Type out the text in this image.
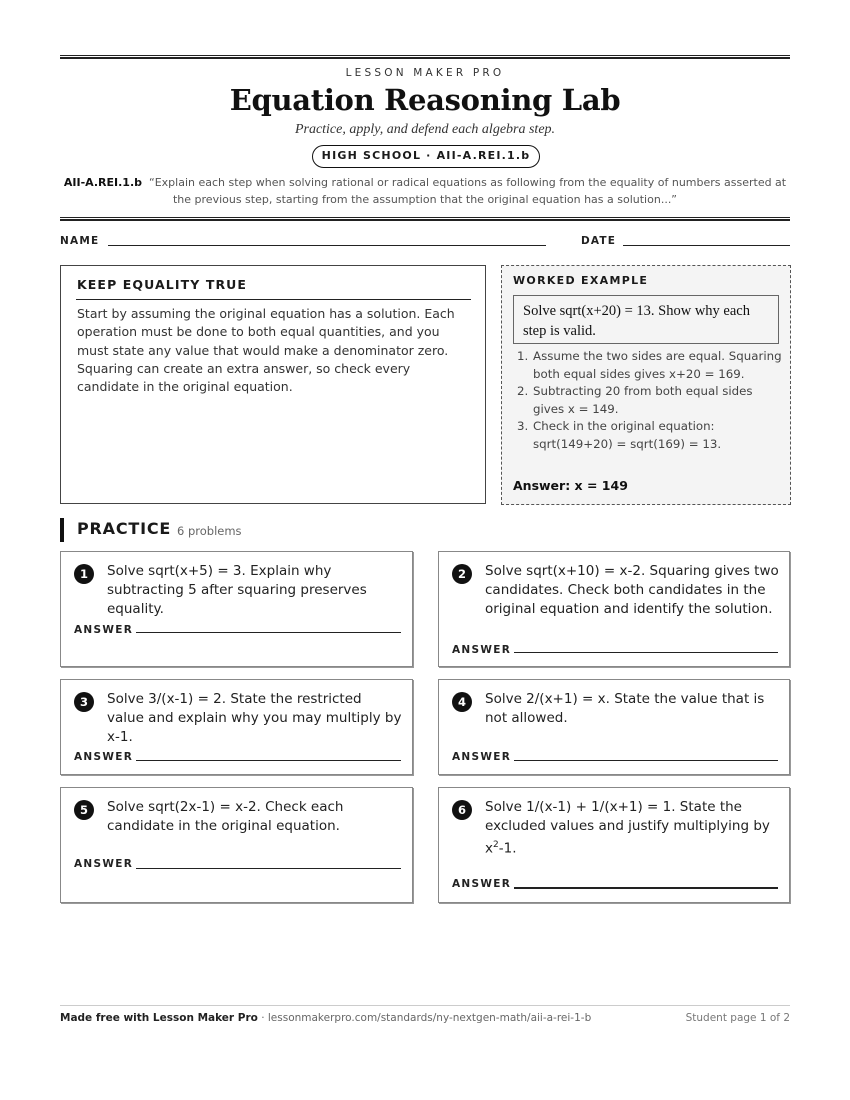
LESSON MAKER PRO
Equation Reasoning Lab
Practice, apply, and defend each algebra step.
HIGH SCHOOL · AII-A.REI.1.b
AII-A.REI.1.b “Explain each step when solving rational or radical equations as following from the equality of numbers asserted at the previous step, starting from the assumption that the original equation has a solution...”
NAME	DATE
KEEP EQUALITY TRUE

Start by assuming the original equation has a solution. Each operation must be done to both equal quantities, and you must state any value that would make a denominator zero. Squaring can create an extra answer, so check every candidate in the original equation.

WORKED EXAMPLE
Solve sqrt(x+20) = 13. Show why each step is valid.
1. Assume the two sides are equal. Squaring both equal sides gives x+20 = 169.
2. Subtracting 20 from both equal sides gives x = 149.
3. Check in the original equation: sqrt(149+20) = sqrt(169) = 13.
Answer: x = 149
PRACTICE 6 problems
1	Solve sqrt(x+5) = 3. Explain why subtracting 5 after squaring preserves equality.
ANSWER
2	Solve sqrt(x+10) = x-2. Squaring gives two candidates. Check both candidates in the original equation and identify the solution.
ANSWER
3	Solve 3/(x-1) = 2. State the restricted value and explain why you may multiply by x-1.
ANSWER
4	Solve 2/(x+1) = x. State the value that is not allowed.
ANSWER
5	Solve sqrt(2x-1) = x-2. Check each candidate in the original equation.
ANSWER
6	Solve 1/(x-1) + 1/(x+1) = 1. State the excluded values and justify multiplying by $x^2-1$.
ANSWER
Made free with Lesson Maker Pro · lessonmakerpro.com/standards/ny-nextgen-math/aii-a-rei-1-b	Student page 1 of 2
